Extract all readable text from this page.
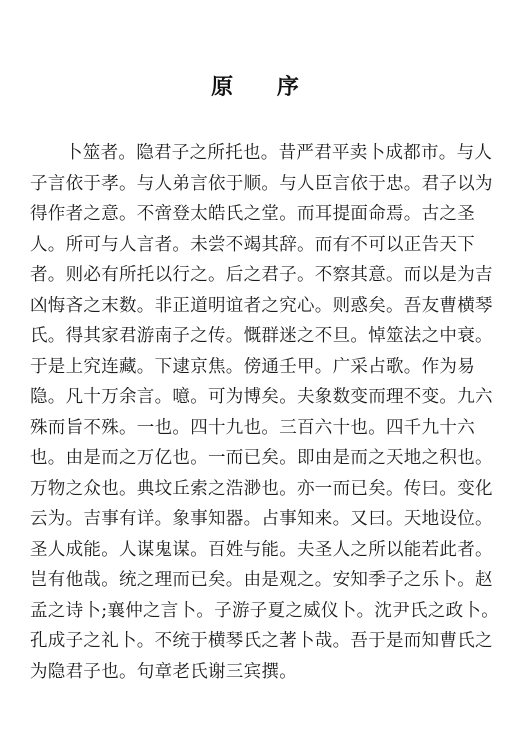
原 序
卜筮者。隐君子之所托也。昔严君平卖卜成都市。与人
子言依于孝。与人弟言依于顺。与人臣言依于忠。君子以为
得作者之意。不啻登太皓氏之堂。而耳提面命焉。古之圣
人。所可与人言者。未尝不竭其辞。而有不可以正告天下
者。则必有所托以行之。后之君子。不察其意。而以是为吉
凶悔吝之末数。非正道明谊者之究心。则惑矣。吾友曹横琴
氏。得其家君游南子之传。慨群迷之不旦。悼筮法之中衰。
于是上究连藏。下逮京焦。傍通壬甲。广采占歌。作为易
隐。凡十万余言。噫。可为博矣。夫象数变而理不变。九六
殊而旨不殊。一也。四十九也。三百六十也。四千九十六
也。由是而之万亿也。一而已矣。即由是而之天地之积也。
万物之众也。典坟丘索之浩渺也。亦一而已矣。传曰。变化
云为。吉事有详。象事知器。占事知来。又曰。天地设位。
圣人成能。人谋鬼谋。百姓与能。夫圣人之所以能若此者。
岂有他哉。统之理而已矣。由是观之。安知季子之乐卜。赵
孟之诗卜;襄仲之言卜。子游子夏之威仪卜。沈尹氏之政卜。
孔成子之礼卜。不统于横琴氏之著卜哉。吾于是而知曹氏之
为隐君子也。句章老氏谢三宾撰。
